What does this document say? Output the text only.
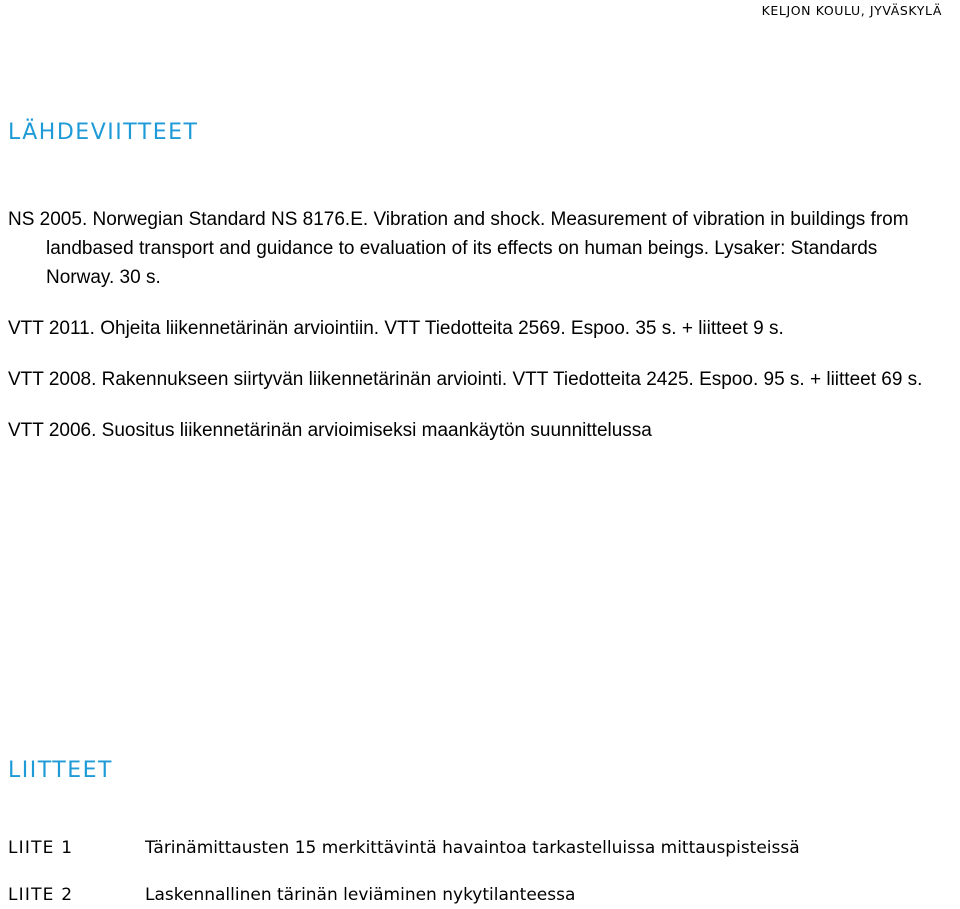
KELJON KOULU, JYVÄSKYLÄ
LÄHDEVIITTEET

NS 2005. Norwegian Standard NS 8176.E. Vibration and shock. Measurement of vibration in buildings from landbased transport and guidance to evaluation of its effects on human beings. Lysaker: Standards Norway. 30 s.

VTT 2011. Ohjeita liikennetärinän arviointiin. VTT Tiedotteita 2569. Espoo. 35 s. + liitteet 9 s.

VTT 2008. Rakennukseen siirtyvän liikennetärinän arviointi. VTT Tiedotteita 2425. Espoo. 95 s. + liitteet 69 s.

VTT 2006. Suositus liikennetärinän arvioimiseksi maankäytön suunnittelussa

LIITTEET
LIITE 1	Tärinämittausten 15 merkittävintä havaintoa tarkastelluissa mittauspisteissä
LIITE 2	Laskennallinen tärinän leviäminen nykytilanteessa
